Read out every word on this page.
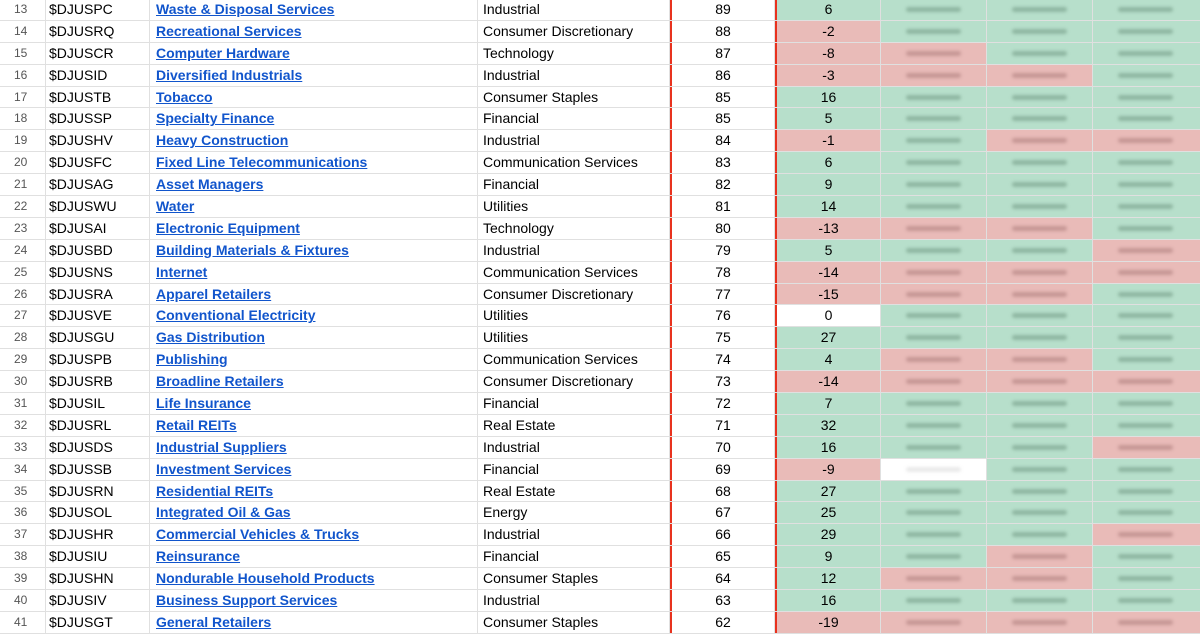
13	$DJUSPC	Waste & Disposal Services	Industrial	89	6
14	$DJUSRQ	Recreational Services	Consumer Discretionary	88	-2
15	$DJUSCR	Computer Hardware	Technology	87	-8
16	$DJUSID	Diversified Industrials	Industrial	86	-3
17	$DJUSTB	Tobacco	Consumer Staples	85	16
18	$DJUSSP	Specialty Finance	Financial	85	5
19	$DJUSHV	Heavy Construction	Industrial	84	-1
20	$DJUSFC	Fixed Line Telecommunications	Communication Services	83	6
21	$DJUSAG	Asset Managers	Financial	82	9
22	$DJUSWU	Water	Utilities	81	14
23	$DJUSAI	Electronic Equipment	Technology	80	-13
24	$DJUSBD	Building Materials & Fixtures	Industrial	79	5
25	$DJUSNS	Internet	Communication Services	78	-14
26	$DJUSRA	Apparel Retailers	Consumer Discretionary	77	-15
27	$DJUSVE	Conventional Electricity	Utilities	76	0
28	$DJUSGU	Gas Distribution	Utilities	75	27
29	$DJUSPB	Publishing	Communication Services	74	4
30	$DJUSRB	Broadline Retailers	Consumer Discretionary	73	-14
31	$DJUSIL	Life Insurance	Financial	72	7
32	$DJUSRL	Retail REITs	Real Estate	71	32
33	$DJUSDS	Industrial Suppliers	Industrial	70	16
34	$DJUSSB	Investment Services	Financial	69	-9
35	$DJUSRN	Residential REITs	Real Estate	68	27
36	$DJUSOL	Integrated Oil & Gas	Energy	67	25
37	$DJUSHR	Commercial Vehicles & Trucks	Industrial	66	29
38	$DJUSIU	Reinsurance	Financial	65	9
39	$DJUSHN	Nondurable Household Products	Consumer Staples	64	12
40	$DJUSIV	Business Support Services	Industrial	63	16
41	$DJUSGT	General Retailers	Consumer Staples	62	-19
